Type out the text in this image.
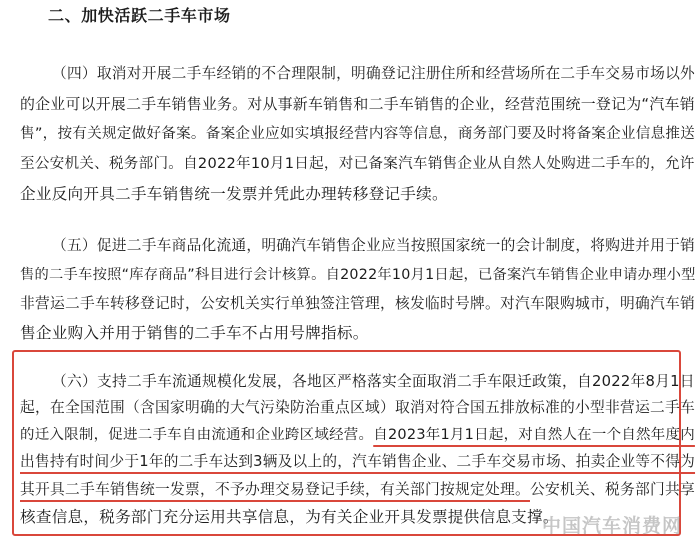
二、加快活跃二手车市场
（四）取消对开展二手车经销的不合理限制，明确登记注册住所和经营场所在二手车交易市场以外
的企业可以开展二手车销售业务。对从事新车销售和二手车销售的企业，经营范围统一登记为“汽车销
售”，按有关规定做好备案。备案企业应如实填报经营内容等信息，商务部门要及时将备案企业信息推送
至公安机关、税务部门。自2022年10月1日起，对已备案汽车销售企业从自然人处购进二手车的，允许
企业反向开具二手车销售统一发票并凭此办理转移登记手续。
（五）促进二手车商品化流通，明确汽车销售企业应当按照国家统一的会计制度，将购进并用于销
售的二手车按照“库存商品”科目进行会计核算。自2022年10月1日起，已备案汽车销售企业申请办理小型
非营运二手车转移登记时，公安机关实行单独签注管理，核发临时号牌。对汽车限购城市，明确汽车销
售企业购入并用于销售的二手车不占用号牌指标。
（六）支持二手车流通规模化发展，各地区严格落实全面取消二手车限迁政策，自2022年8月1日
起，在全国范围（含国家明确的大气污染防治重点区域）取消对符合国五排放标准的小型非营运二手车
的迁入限制，促进二手车自由流通和企业跨区域经营。自2023年1月1日起，对自然人在一个自然年度内
出售持有时间少于1年的二手车达到3辆及以上的，汽车销售企业、二手车交易市场、拍卖企业等不得为
其开具二手车销售统一发票，不予办理交易登记手续，有关部门按规定处理。公安机关、税务部门共享
核查信息，税务部门充分运用共享信息，为有关企业开具发票提供信息支撑。
中国汽车消费网
